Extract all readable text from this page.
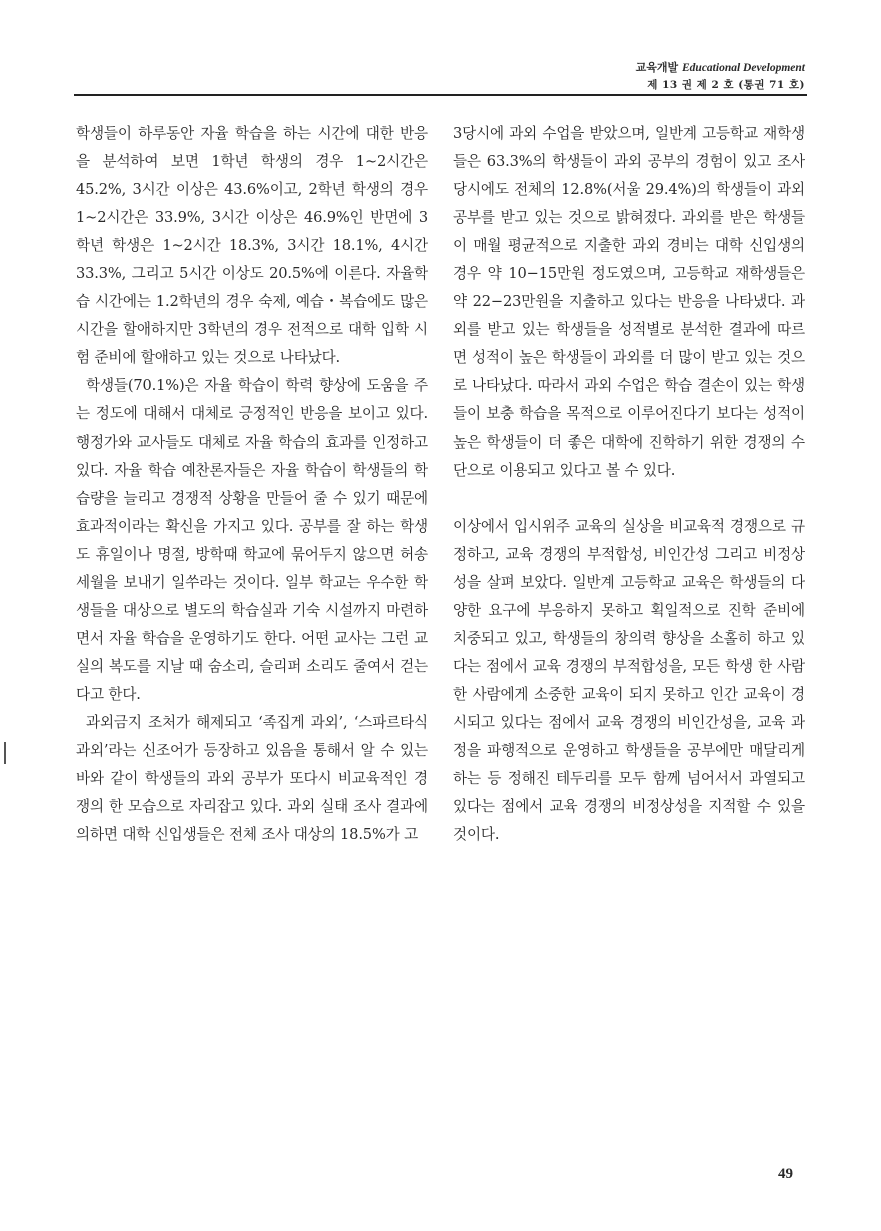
교육개발 Educational Development
제 13 권 제 2 호 (통권 71 호)

학생들이 하루동안 자율 학습을 하는 시간에 대한 반응을 분석하여 보면 1학년 학생의 경우 1∼2시간은 45.2%, 3시간 이상은 43.6%이고, 2학년 학생의 경우 1∼2시간은 33.9%, 3시간 이상은 46.9%인 반면에 3학년 학생은 1∼2시간 18.3%, 3시간 18.1%, 4시간 33.3%, 그리고 5시간 이상도 20.5%에 이른다. 자율학습 시간에는 1.2학년의 경우 숙제, 예습・복습에도 많은 시간을 할애하지만 3학년의 경우 전적으로 대학 입학 시험 준비에 할애하고 있는 것으로 나타났다.

학생들(70.1%)은 자율 학습이 학력 향상에 도움을 주는 정도에 대해서 대체로 긍정적인 반응을 보이고 있다. 행정가와 교사들도 대체로 자율 학습의 효과를 인정하고 있다. 자율 학습 예찬론자들은 자율 학습이 학생들의 학습량을 늘리고 경쟁적 상황을 만들어 줄 수 있기 때문에 효과적이라는 확신을 가지고 있다. 공부를 잘 하는 학생도 휴일이나 명절, 방학때 학교에 묶어두지 않으면 허송세월을 보내기 일쑤라는 것이다. 일부 학교는 우수한 학생들을 대상으로 별도의 학습실과 기숙 시설까지 마련하면서 자율 학습을 운영하기도 한다. 어떤 교사는 그런 교실의 복도를 지날 때 숨소리, 슬리퍼 소리도 줄여서 걷는다고 한다.

과외금지 조처가 해제되고 ‘족집게 과외’, ‘스파르타식 과외’라는 신조어가 등장하고 있음을 통해서 알 수 있는 바와 같이 학생들의 과외 공부가 또다시 비교육적인 경쟁의 한 모습으로 자리잡고 있다. 과외 실태 조사 결과에 의하면 대학 신입생들은 전체 조사 대상의 18.5%가 고

3당시에 과외 수업을 받았으며, 일반계 고등학교 재학생들은 63.3%의 학생들이 과외 공부의 경험이 있고 조사 당시에도 전체의 12.8%(서울 29.4%)의 학생들이 과외 공부를 받고 있는 것으로 밝혀졌다. 과외를 받은 학생들이 매월 평균적으로 지출한 과외 경비는 대학 신입생의 경우 약 10−15만원 정도였으며, 고등학교 재학생들은 약 22−23만원을 지출하고 있다는 반응을 나타냈다. 과외를 받고 있는 학생들을 성적별로 분석한 결과에 따르면 성적이 높은 학생들이 과외를 더 많이 받고 있는 것으로 나타났다. 따라서 과외 수업은 학습 결손이 있는 학생들이 보충 학습을 목적으로 이루어진다기 보다는 성적이 높은 학생들이 더 좋은 대학에 진학하기 위한 경쟁의 수단으로 이용되고 있다고 볼 수 있다.

이상에서 입시위주 교육의 실상을 비교육적 경쟁으로 규정하고, 교육 경쟁의 부적합성, 비인간성 그리고 비정상성을 살펴 보았다. 일반계 고등학교 교육은 학생들의 다양한 요구에 부응하지 못하고 획일적으로 진학 준비에 치중되고 있고, 학생들의 창의력 향상을 소홀히 하고 있다는 점에서 교육 경쟁의 부적합성을, 모든 학생 한 사람 한 사람에게 소중한 교육이 되지 못하고 인간 교육이 경시되고 있다는 점에서 교육 경쟁의 비인간성을, 교육 과정을 파행적으로 운영하고 학생들을 공부에만 매달리게 하는 등 정해진 테두리를 모두 함께 넘어서서 과열되고 있다는 점에서 교육 경쟁의 비정상성을 지적할 수 있을 것이다.

49
